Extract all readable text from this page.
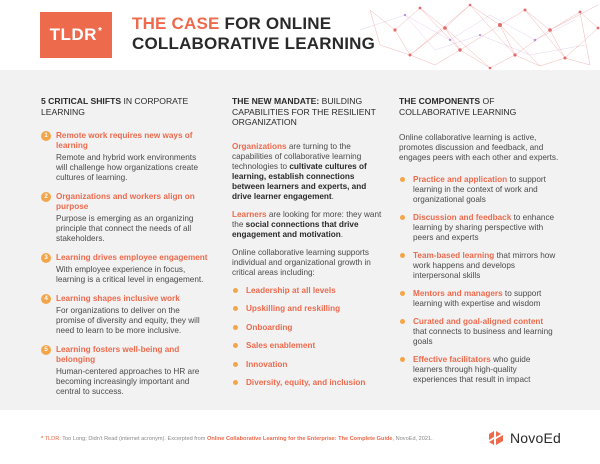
TLDR* THE CASE FOR ONLINE
COLLABORATIVE LEARNING
5 CRITICAL SHIFTS IN CORPORATE LEARNING
1 Remote work requires new ways of learning
Remote and hybrid work environments will challenge how organizations create cultures of learning.
2 Organizations and workers align on purpose
Purpose is emerging as an organizing principle that connect the needs of all stakeholders.
3 Learning drives employee engagement
With employee experience in focus, learning is a critical level in engagement.
4 Learning shapes inclusive work
For organizations to deliver on the promise of diversity and equity, they will need to learn to be more inclusive.
5 Learning fosters well-being and belonging
Human-centered approaches to HR are becoming increasingly important and central to success.
THE NEW MANDATE: BUILDING CAPABILITIES FOR THE RESILIENT ORGANIZATION

Organizations are turning to the capabilities of collaborative learning technologies to cultivate cultures of learning, establish connections between learners and experts, and drive learner engagement.

Learners are looking for more: they want the social connections that drive engagement and motivation.

Online collaborative learning supports individual and organizational growth in critical areas including:

Leadership at all levels
Upskilling and reskilling
Onboarding
Sales enablement
Innovation
Diversity, equity, and inclusion
THE COMPONENTS OF COLLABORATIVE LEARNING

Online collaborative learning is active, promotes discussion and feedback, and engages peers with each other and experts.

Practice and application to support learning in the context of work and organizational goals
Discussion and feedback to enhance learning by sharing perspective with peers and experts
Team-based learning that mirrors how work happens and develops interpersonal skills
Mentors and managers to support learning with expertise and wisdom
Curated and goal-aligned content that connects to business and learning goals
Effective facilitators who guide learners through high-quality experiences that result in impact
* TLDR: Too Long; Didn't Read (internet acronym). Excerpted from Online Collaborative Learning for the Enterprise: The Complete Guide, NovoEd, 2021.	NovoEd
